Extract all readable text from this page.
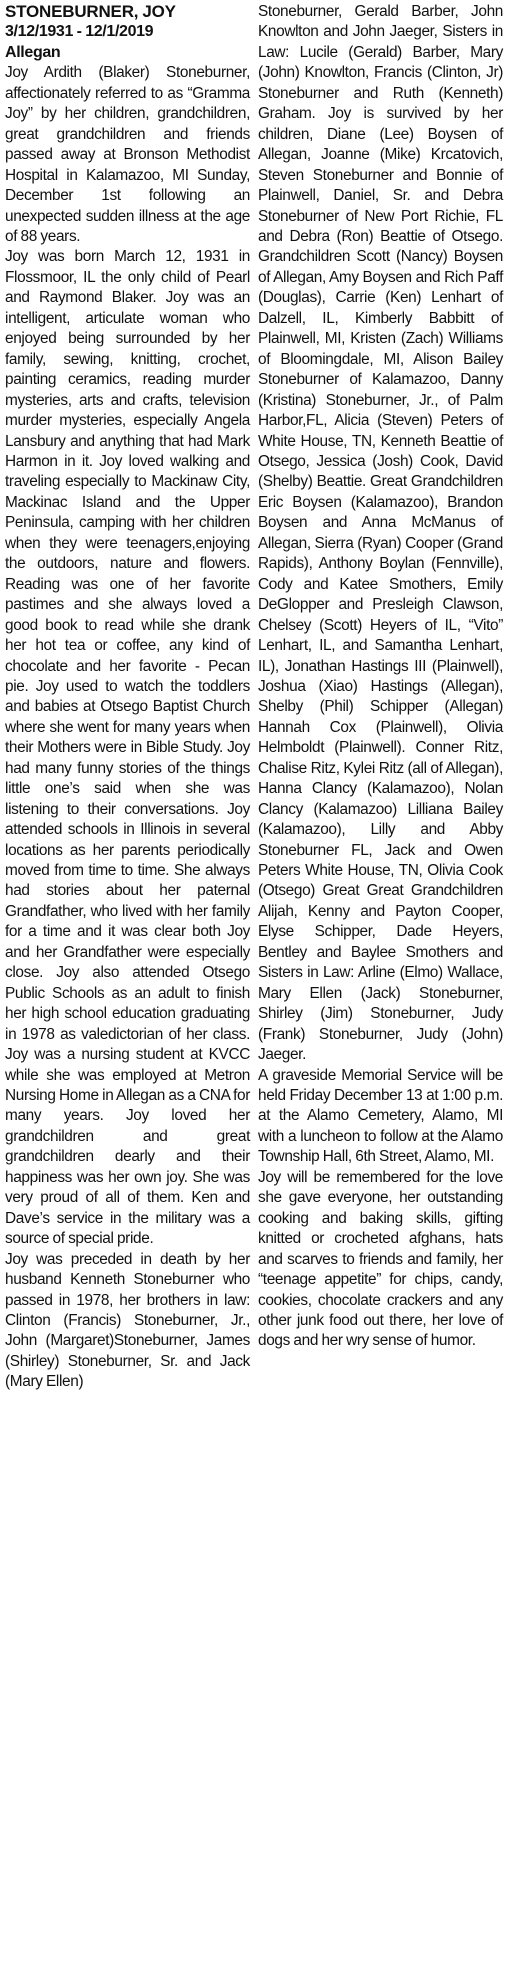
STONEBURNER, JOY
3/12/1931 - 12/1/2019
Allegan

Joy Ardith (Blaker) Stoneburner, affectionately referred to as “Gramma Joy” by her children, grandchildren, great grandchildren and friends passed away at Bronson Methodist Hospital in Kalamazoo, MI Sunday, December 1st following an unexpected sudden illness at the age of 88 years.

Joy was born March 12, 1931 in Flossmoor, IL the only child of Pearl and Raymond Blaker. Joy was an intelligent, articulate woman who enjoyed being surrounded by her family, sewing, knitting, crochet, painting ceramics, reading murder mysteries, arts and crafts, television murder mysteries, especially Angela Lansbury and anything that had Mark Harmon in it. Joy loved walking and traveling especially to Mackinaw City, Mackinac Island and the Upper Peninsula, camping with her children when they were teenagers,enjoying the outdoors, nature and flowers. Reading was one of her favorite pastimes and she always loved a good book to read while she drank her hot tea or coffee, any kind of chocolate and her favorite - Pecan pie. Joy used to watch the toddlers and babies at Otsego Baptist Church where she went for many years when their Mothers were in Bible Study. Joy had many funny stories of the things little one’s said when she was listening to their conversations. Joy attended schools in Illinois in several locations as her parents periodically moved from time to time. She always had stories about her paternal Grandfather, who lived with her family for a time and it was clear both Joy and her Grandfather were especially close. Joy also attended Otsego Public Schools as an adult to finish her high school education graduating in 1978 as valedictorian of her class. Joy was a nursing student at KVCC while she was employed at Metron Nursing Home in Allegan as a CNA for many years. Joy loved her grandchildren and great grandchildren dearly and their happiness was her own joy. She was very proud of all of them. Ken and Dave’s service in the military was a source of special pride.

Joy was preceded in death by her husband Kenneth Stoneburner who passed in 1978, her brothers in law: Clinton (Francis) Stoneburner, Jr., John (Margaret)Stoneburner, James (Shirley) Stoneburner, Sr. and Jack (Mary Ellen)

Stoneburner, Gerald Barber, John Knowlton and John Jaeger, Sisters in Law: Lucile (Gerald) Barber, Mary (John) Knowlton, Francis (Clinton, Jr) Stoneburner and Ruth (Kenneth) Graham. Joy is survived by her children, Diane (Lee) Boysen of Allegan, Joanne (Mike) Krcatovich, Steven Stoneburner and Bonnie of Plainwell, Daniel, Sr. and Debra Stoneburner of New Port Richie, FL and Debra (Ron) Beattie of Otsego. Grandchildren Scott (Nancy) Boysen of Allegan, Amy Boysen and Rich Paff (Douglas), Carrie (Ken) Lenhart of Dalzell, IL, Kimberly Babbitt of Plainwell, MI, Kristen (Zach) Williams of Bloomingdale, MI, Alison Bailey Stoneburner of Kalamazoo, Danny (Kristina) Stoneburner, Jr., of Palm Harbor,FL, Alicia (Steven) Peters of White House, TN, Kenneth Beattie of Otsego, Jessica (Josh) Cook, David (Shelby) Beattie. Great Grandchildren Eric Boysen (Kalamazoo), Brandon Boysen and Anna McManus of Allegan, Sierra (Ryan) Cooper (Grand Rapids), Anthony Boylan (Fennville), Cody and Katee Smothers, Emily DeGlopper and Presleigh Clawson, Chelsey (Scott) Heyers of IL, “Vito” Lenhart, IL, and Samantha Lenhart, IL), Jonathan Hastings III (Plainwell), Joshua (Xiao) Hastings (Allegan), Shelby (Phil) Schipper (Allegan) Hannah Cox (Plainwell), Olivia Helmboldt (Plainwell). Conner Ritz, Chalise Ritz, Kylei Ritz (all of Allegan), Hanna Clancy (Kalamazoo), Nolan Clancy (Kalamazoo) Lilliana Bailey (Kalamazoo), Lilly and Abby Stoneburner FL, Jack and Owen Peters White House, TN, Olivia Cook (Otsego) Great Great Grandchildren Alijah, Kenny and Payton Cooper, Elyse Schipper, Dade Heyers, Bentley and Baylee Smothers and Sisters in Law: Arline (Elmo) Wallace, Mary Ellen (Jack) Stoneburner, Shirley (Jim) Stoneburner, Judy (Frank) Stoneburner, Judy (John) Jaeger.

A graveside Memorial Service will be held Friday December 13 at 1:00 p.m. at the Alamo Cemetery, Alamo, MI with a luncheon to follow at the Alamo Township Hall, 6th Street, Alamo, MI.

Joy will be remembered for the love she gave everyone, her outstanding cooking and baking skills, gifting knitted or crocheted afghans, hats and scarves to friends and family, her “teenage appetite” for chips, candy, cookies, chocolate crackers and any other junk food out there, her love of dogs and her wry sense of humor.
